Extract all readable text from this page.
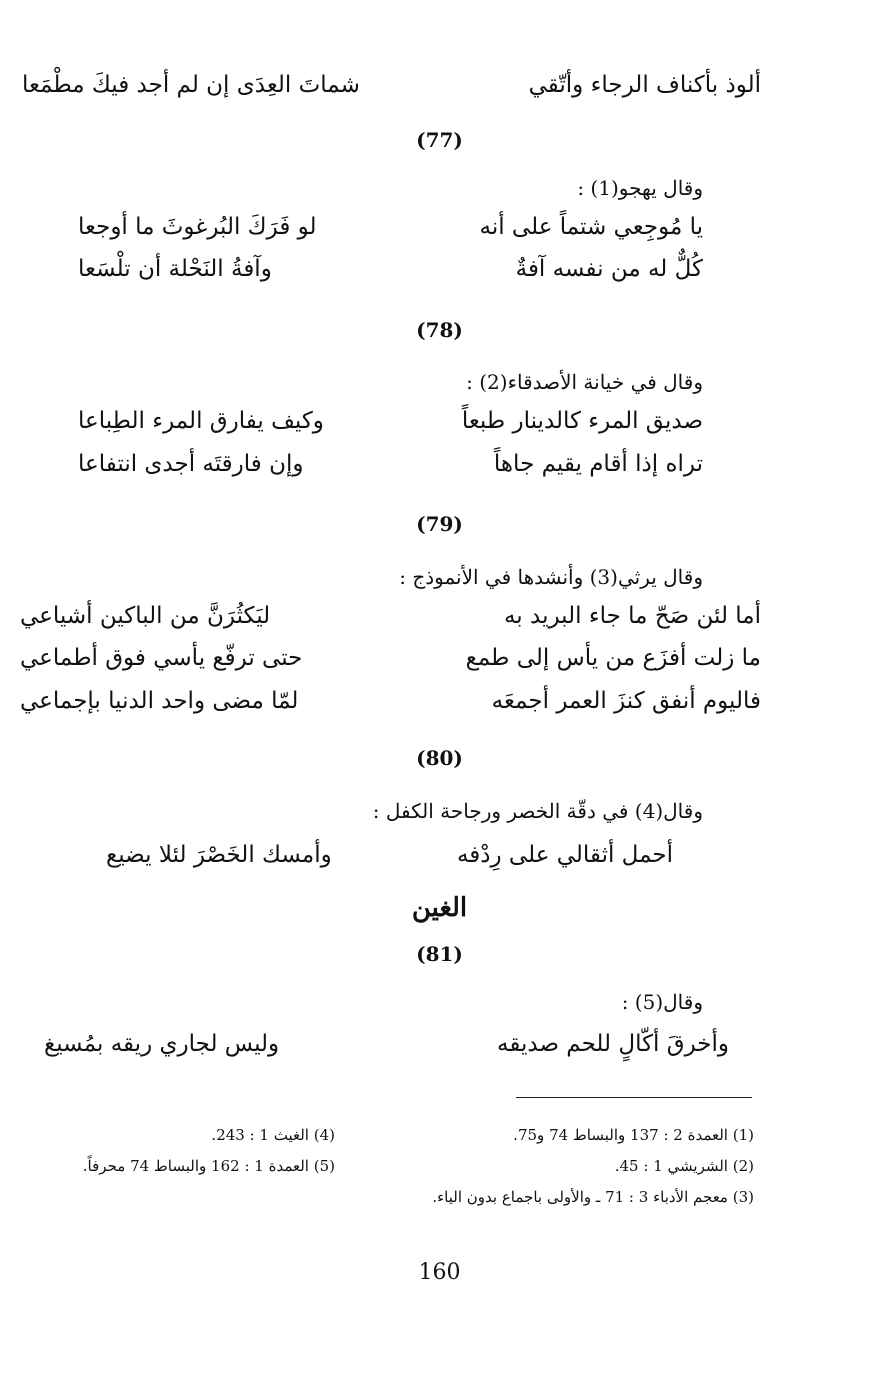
ألوذ بأكناف الرجاء وأتّقي
شماتَ العِدَى إن لم أجد فيكَ مطْمَعا
(77)
وقال يهجو(1) :
يا مُوجِعي شتماً على أنه
لو فَرَكَ البُرغوثَ ما أوجعا
كُلٌّ له من نفسه آفةٌ
وآفةُ النَحْلة أن تلْسَعا
(78)
وقال في خيانة الأصدقاء(2) :
صديق المرء كالدينار طبعاً
وكيف يفارق المرء الطِباعا
تراه إذا أقام يقيم جاهاً
وإن فارقتَه أجدى انتفاعا
(79)
وقال يرثي(3) وأنشدها في الأنموذج :
أما لئن صَحّ ما جاء البريد به
ليَكثُرَنَّ من الباكين أشياعي
ما زلت أفزَع من يأس إلى طمع
حتى ترفّع يأسي فوق أطماعي
فاليوم أنفق كنزَ العمر أجمعَه
لمّا مضى واحد الدنيا بإجماعي
(80)
وقال(4) في دقّة الخصر ورجاحة الكفل :
أحمل أثقالي على رِدْفه
وأمسك الخَصْرَ لئلا يضيع
الغين
(81)
وقال(5) :
وأخرقَ أكّالٍ للحم صديقه
وليس لجاري ريقه بمُسيغ
(1) العمدة 2 : 137 والبساط 74 و75.
(2) الشريشي 1 : 45.
(3) معجم الأدباء 3 : 71 ـ والأولى باجماع بدون الياء.
(4) الغيث 1 : 243.
(5) العمدة 1 : 162 والبساط 74 محرفاً.
160
